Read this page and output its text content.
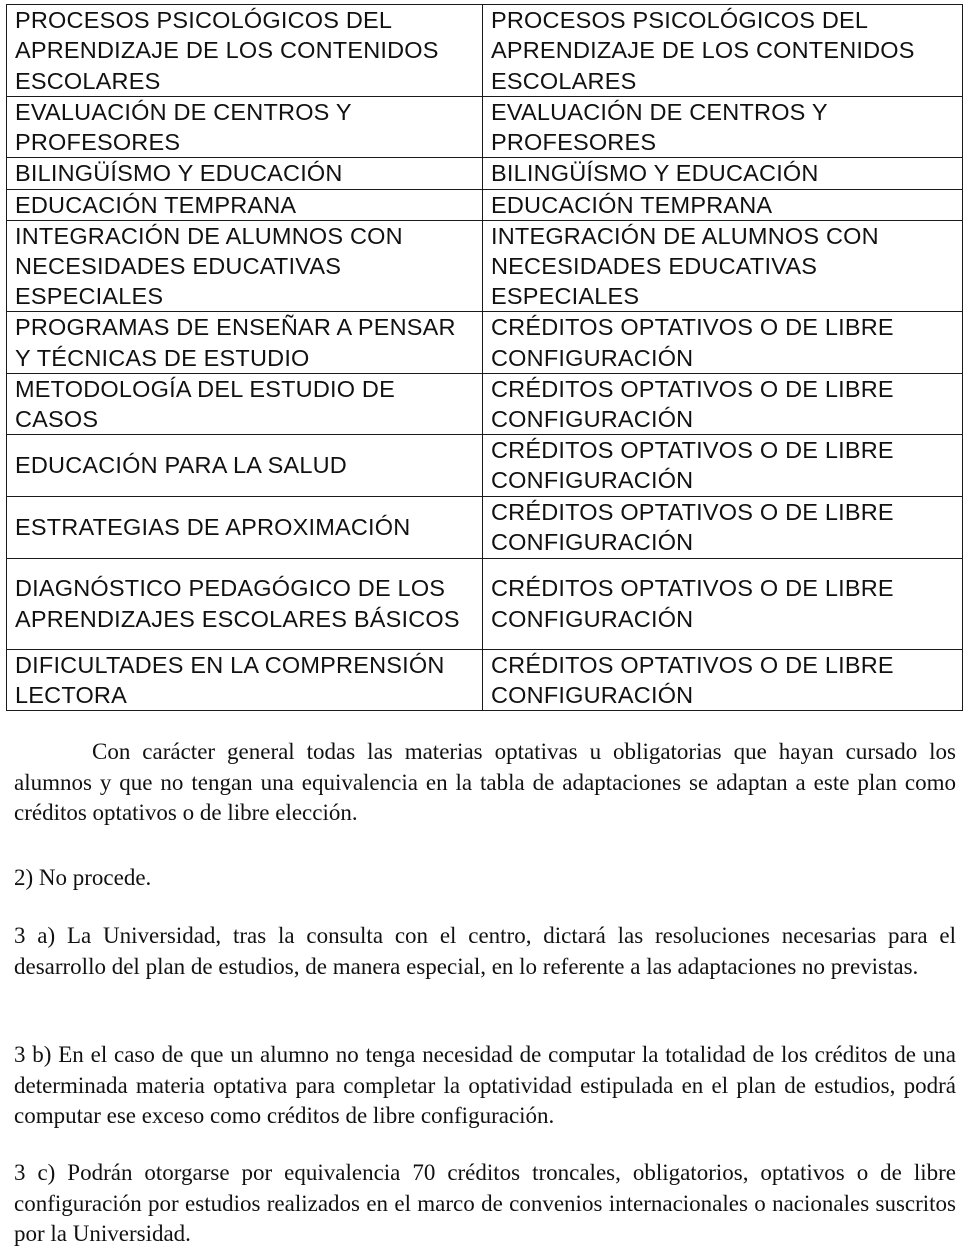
PROCESOS PSICOLÓGICOS DEL APRENDIZAJE DE LOS CONTENIDOS ESCOLARES	PROCESOS PSICOLÓGICOS DEL APRENDIZAJE DE LOS CONTENIDOS ESCOLARES
EVALUACIÓN DE CENTROS Y PROFESORES	EVALUACIÓN DE CENTROS Y PROFESORES
BILINGÜÍSMO Y EDUCACIÓN	BILINGÜÍSMO Y EDUCACIÓN
EDUCACIÓN TEMPRANA	EDUCACIÓN TEMPRANA
INTEGRACIÓN DE ALUMNOS CON NECESIDADES EDUCATIVAS ESPECIALES	INTEGRACIÓN DE ALUMNOS CON NECESIDADES EDUCATIVAS ESPECIALES
PROGRAMAS DE ENSEÑAR A PENSAR Y TÉCNICAS DE ESTUDIO	CRÉDITOS OPTATIVOS O DE LIBRE CONFIGURACIÓN
METODOLOGÍA DEL ESTUDIO DE CASOS	CRÉDITOS OPTATIVOS O DE LIBRE CONFIGURACIÓN
EDUCACIÓN PARA LA SALUD	CRÉDITOS OPTATIVOS O DE LIBRE CONFIGURACIÓN
ESTRATEGIAS DE APROXIMACIÓN	CRÉDITOS OPTATIVOS O DE LIBRE CONFIGURACIÓN
DIAGNÓSTICO PEDAGÓGICO DE LOS APRENDIZAJES ESCOLARES BÁSICOS	CRÉDITOS OPTATIVOS O DE LIBRE CONFIGURACIÓN
DIFICULTADES EN LA COMPRENSIÓN LECTORA	CRÉDITOS OPTATIVOS O DE LIBRE CONFIGURACIÓN

Con carácter general todas las materias optativas u obligatorias que hayan cursado los alumnos y que no tengan una equivalencia en la tabla de adaptaciones se adaptan a este plan como créditos optativos o de libre elección.

2) No procede.

3 a) La Universidad, tras la consulta con el centro, dictará las resoluciones necesarias para el desarrollo del plan de estudios, de manera especial, en lo referente a las adaptaciones no previstas.

3 b) En el caso de que un alumno no tenga necesidad de computar la totalidad de los créditos de una determinada materia optativa para completar la optatividad estipulada en el plan de estudios, podrá computar ese exceso como créditos de libre configuración.

3 c) Podrán otorgarse por equivalencia 70 créditos troncales, obligatorios, optativos o de libre configuración por estudios realizados en el marco de convenios internacionales o nacionales suscritos por la Universidad.
